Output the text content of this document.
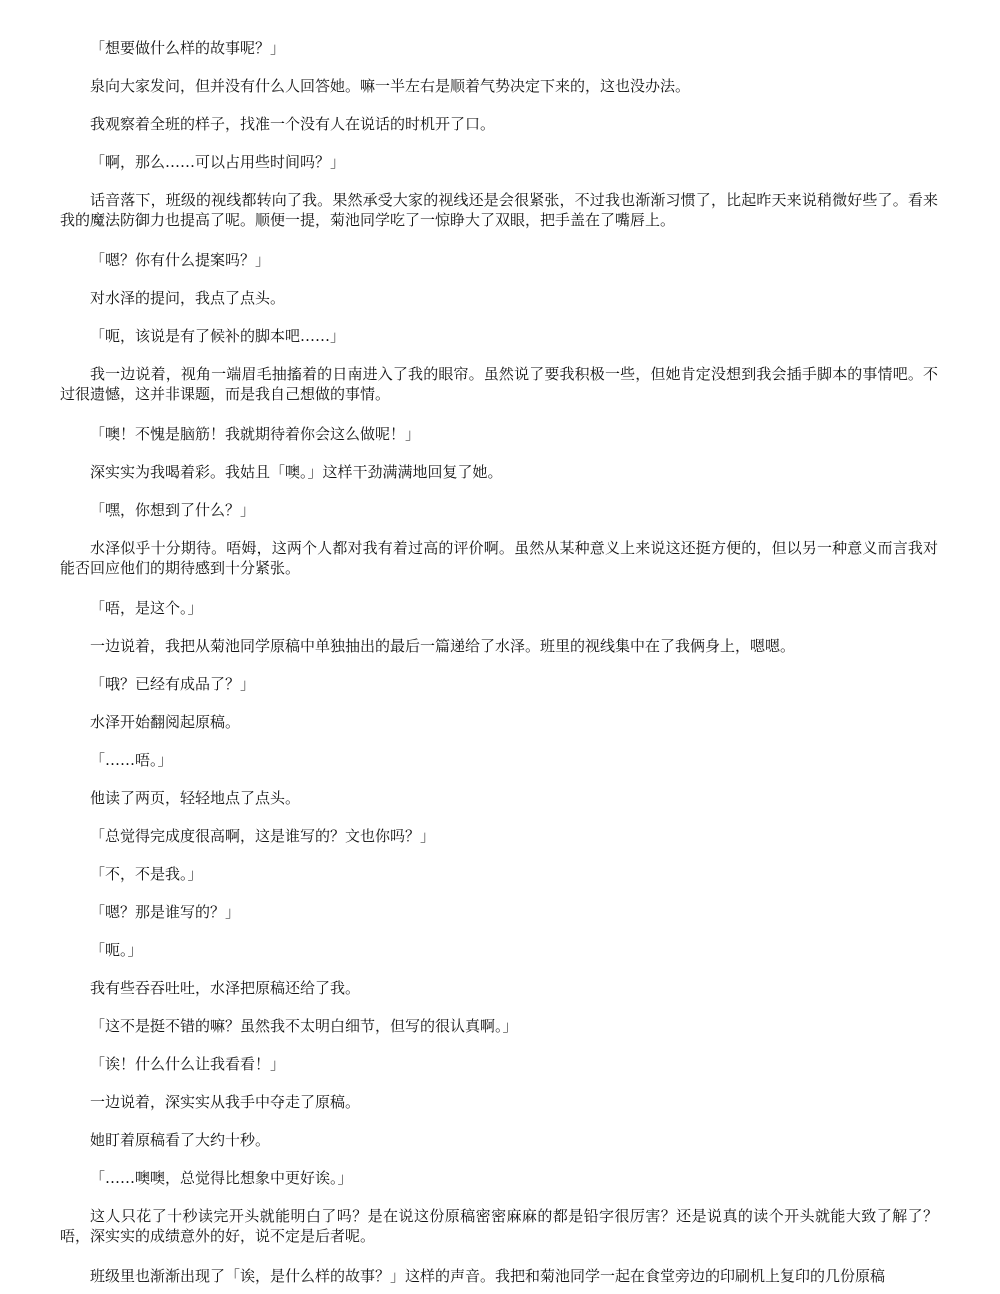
「想要做什么样的故事呢？」

泉向大家发问，但并没有什么人回答她。嘛一半左右是顺着气势决定下来的，这也没办法。

我观察着全班的样子，找准一个没有人在说话的时机开了口。

「啊，那么……可以占用些时间吗？」

话音落下，班级的视线都转向了我。果然承受大家的视线还是会很紧张，不过我也渐渐习惯了，比起昨天来说稍微好些了。看来我的魔法防御力也提高了呢。顺便一提，菊池同学吃了一惊睁大了双眼，把手盖在了嘴唇上。

「嗯？你有什么提案吗？」

对水泽的提问，我点了点头。

「呃，该说是有了候补的脚本吧……」

我一边说着，视角一端眉毛抽搐着的日南进入了我的眼帘。虽然说了要我积极一些，但她肯定没想到我会插手脚本的事情吧。不过很遗憾，这并非课题，而是我自己想做的事情。

「噢！不愧是脑筋！我就期待着你会这么做呢！」

深实实为我喝着彩。我姑且「噢。」这样干劲满满地回复了她。

「嘿，你想到了什么？」

水泽似乎十分期待。唔姆，这两个人都对我有着过高的评价啊。虽然从某种意义上来说这还挺方便的，但以另一种意义而言我对能否回应他们的期待感到十分紧张。

「唔，是这个。」

一边说着，我把从菊池同学原稿中单独抽出的最后一篇递给了水泽。班里的视线集中在了我俩身上，嗯嗯。

「哦？已经有成品了？」

水泽开始翻阅起原稿。

「……唔。」

他读了两页，轻轻地点了点头。

「总觉得完成度很高啊，这是谁写的？文也你吗？」

「不，不是我。」

「嗯？那是谁写的？」

「呃。」

我有些吞吞吐吐，水泽把原稿还给了我。

「这不是挺不错的嘛？虽然我不太明白细节，但写的很认真啊。」

「诶！什么什么让我看看！」

一边说着，深实实从我手中夺走了原稿。

她盯着原稿看了大约十秒。

「……噢噢，总觉得比想象中更好诶。」

这人只花了十秒读完开头就能明白了吗？是在说这份原稿密密麻麻的都是铅字很厉害？还是说真的读个开头就能大致了解了？唔，深实实的成绩意外的好，说不定是后者呢。

班级里也渐渐出现了「诶，是什么样的故事？」这样的声音。我把和菊池同学一起在食堂旁边的印刷机上复印的几份原稿
